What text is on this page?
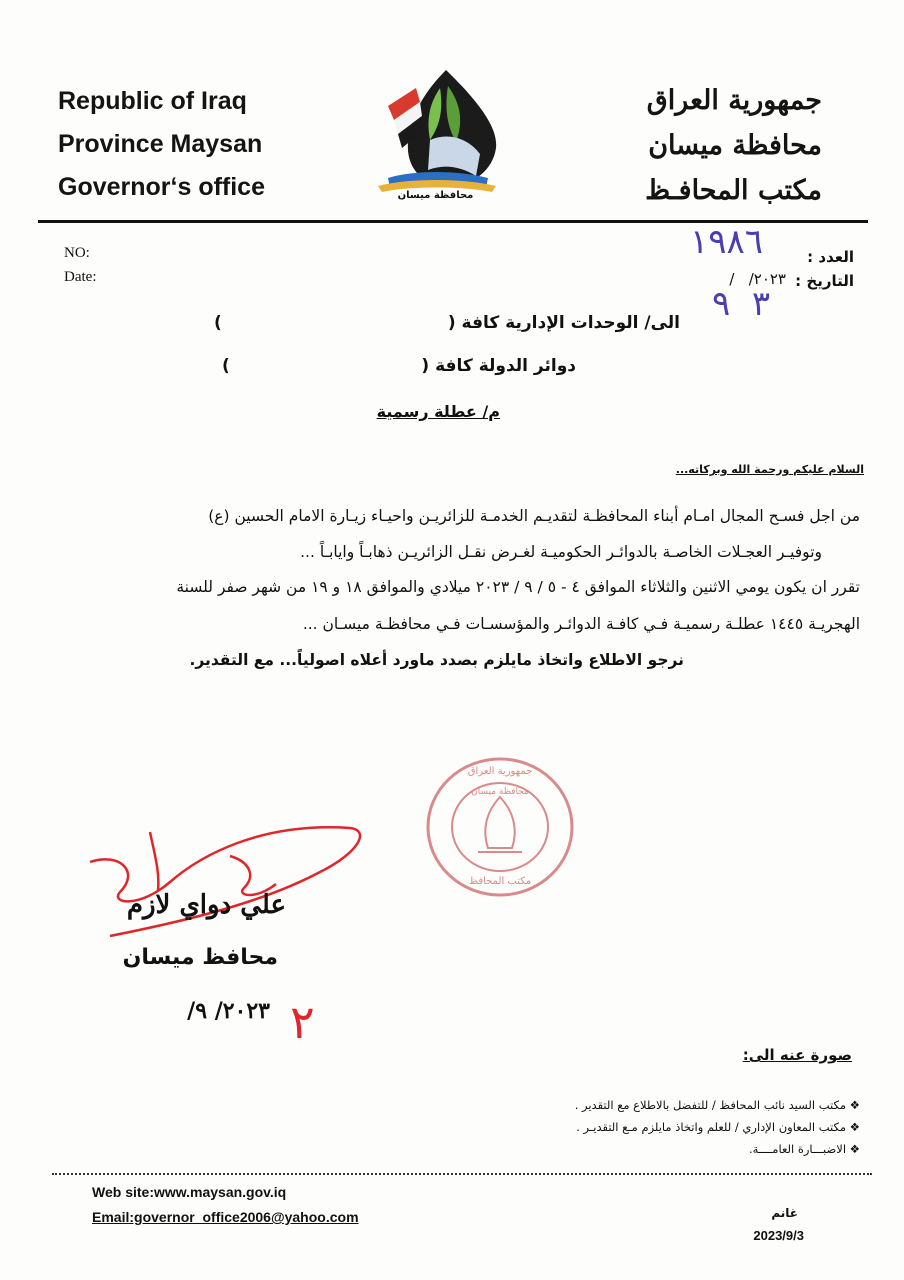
Republic of Iraq
Province Maysan
Governor‘s office	محافظة ميسان
جمهورية العراق
محافظة ميسان
مكتب المحافـظ
NO:
Date:
العدد :
التاريخ :
٢٠٢٣/   /
١٩٨٦
٣  ٩
الى/ الوحدات الإدارية كافة (
)
دوائر الدولة كافة (
)
م/ عطلة رسمية
السلام عليكم ورحمة الله وبركاته...
من اجل فسـح المجال امـام أبناء المحافظـة لتقديـم الخدمـة للزائريـن واحيـاء زيـارة الامام الحسين (ع)
وتوفيـر العجـلات الخاصـة بالدوائـر الحكوميـة لغـرض نقـل الزائريـن ذهابـاً وايابـاً ...
تقرر ان يكون يومي الاثنين والثلاثاء الموافق ٤ - ٥ / ٩ / ٢٠٢٣ ميلادي والموافق ١٨ و ١٩ من شهر صفر للسنة
الهجريـة ١٤٤٥ عطلـة رسميـة فـي كافـة الدوائـر والمؤسسـات فـي محافظـة ميسـان ...
نرجو الاطلاع واتخاذ مايلزم بصدد ماورد أعلاه اصولياً... مع التقدير.
جمهورية العراق
محافظة ميسان
مكتب المحافظ
علي دواي لازم
محافظ ميسان
٢٠٢٣/ ٩/ ٢
صورة عنه الى:
❖ مكتب السيد نائب المحافظ / للتفضل بالاطلاع مع التقدير .
❖ مكتب المعاون الإداري / للعلم واتخاذ مايلزم مـع التقديـر .
❖ الاضبـــارة العامــــة.
Web site:www.maysan.gov.iq
Email:governor_office2006@yahoo.com	غانم
2023/9/3
